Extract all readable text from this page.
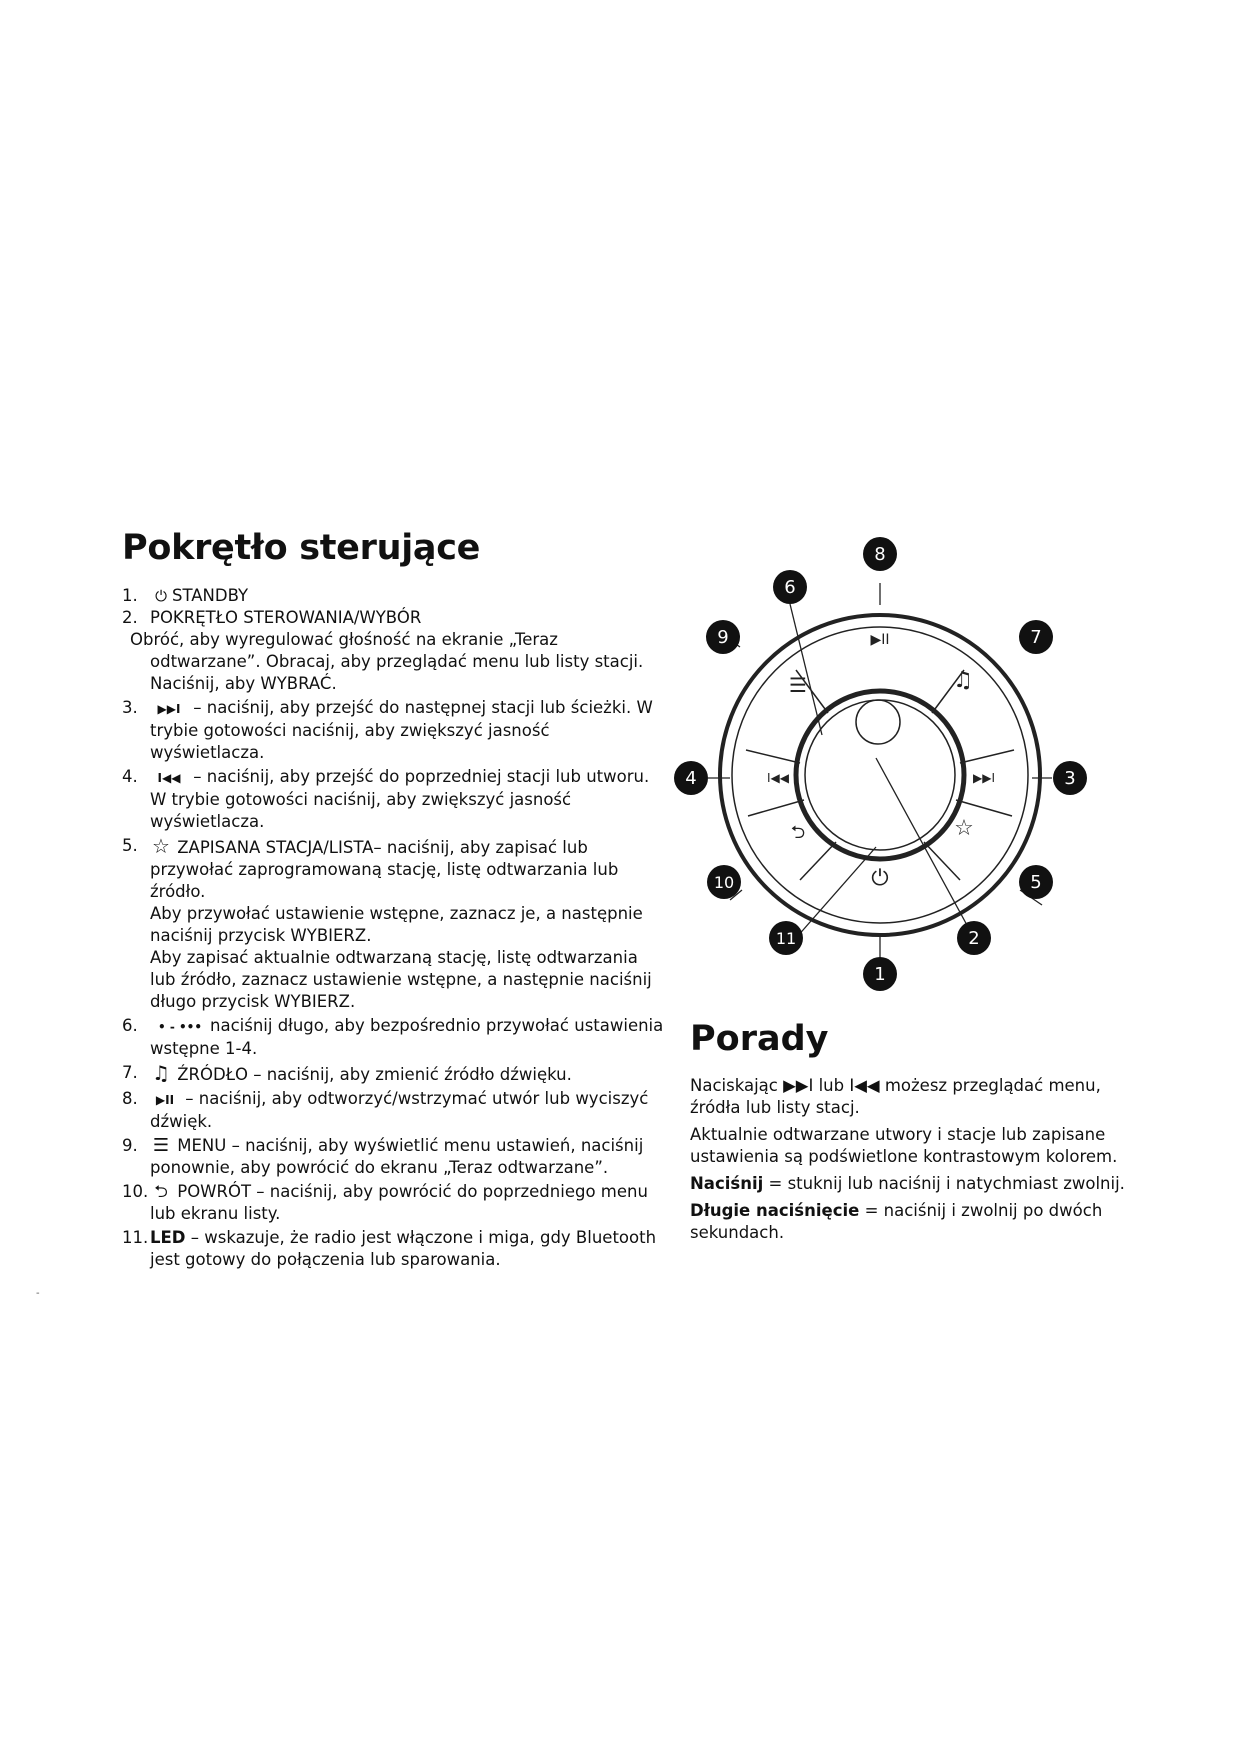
Pokrętło sterujące

1.	⏻ STANDBY

2. POKRĘTŁO STEROWANIA/WYBÓR

Obróć, aby wyregulować głośność na ekranie „Teraz

odtwarzane”. Obracaj, aby przeglądać menu lub listy stacji.

Naciśnij, aby WYBRAĆ.

3.	▶▶I – naciśnij, aby przejść do następnej stacji lub ścieżki. W trybie gotowości naciśnij, aby zwiększyć jasność wyświetlacza.

4.	I◀◀ – naciśnij, aby przejść do poprzedniej stacji lub utworu. W trybie gotowości naciśnij, aby zwiększyć jasność wyświetlacza.

5. ☆ ZAPISANA STACJA/LISTA– naciśnij, aby zapisać lub przywołać zaprogramowaną stację, listę odtwarzania lub źródło.

Aby przywołać ustawienie wstępne, zaznacz je, a następnie naciśnij przycisk WYBIERZ.

Aby zapisać aktualnie odtwarzaną stację, listę odtwarzania lub źródło, zaznacz ustawienie wstępne, a następnie naciśnij długo przycisk WYBIERZ.

6.	• - ••• naciśnij długo, aby bezpośrednio przywołać ustawienia wstępne 1-4.

7. ♫ ŹRÓDŁO – naciśnij, aby zmienić źródło dźwięku.

8.	▶II – naciśnij, aby odtworzyć/wstrzymać utwór lub wyciszyć dźwięk.

9. ☰ MENU – naciśnij, aby wyświetlić menu ustawień, naciśnij ponownie, aby powrócić do ekranu „Teraz odtwarzane”.

10. ⮌ POWRÓT – naciśnij, aby powrócić do poprzedniego menu lub ekranu listy.

11. LED – wskazuje, że radio jest włączone i miga, gdy Bluetooth jest gotowy do połączenia lub sparowania.

▶II
♫
▶▶I
I◀◀
☰
☆
⮌
⏻
1
2
3
4
5
6
7
8
9
10
11
Porady

Naciskając ▶▶I lub I◀◀ możesz przeglądać menu, źródła lub listy stacj.

Aktualnie odtwarzane utwory i stacje lub zapisane ustawienia są podświetlone kontrastowym kolorem.

Naciśnij = stuknij lub naciśnij i natychmiast zwolnij.

Długie naciśnięcie = naciśnij i zwolnij po dwóch sekundach.

-
